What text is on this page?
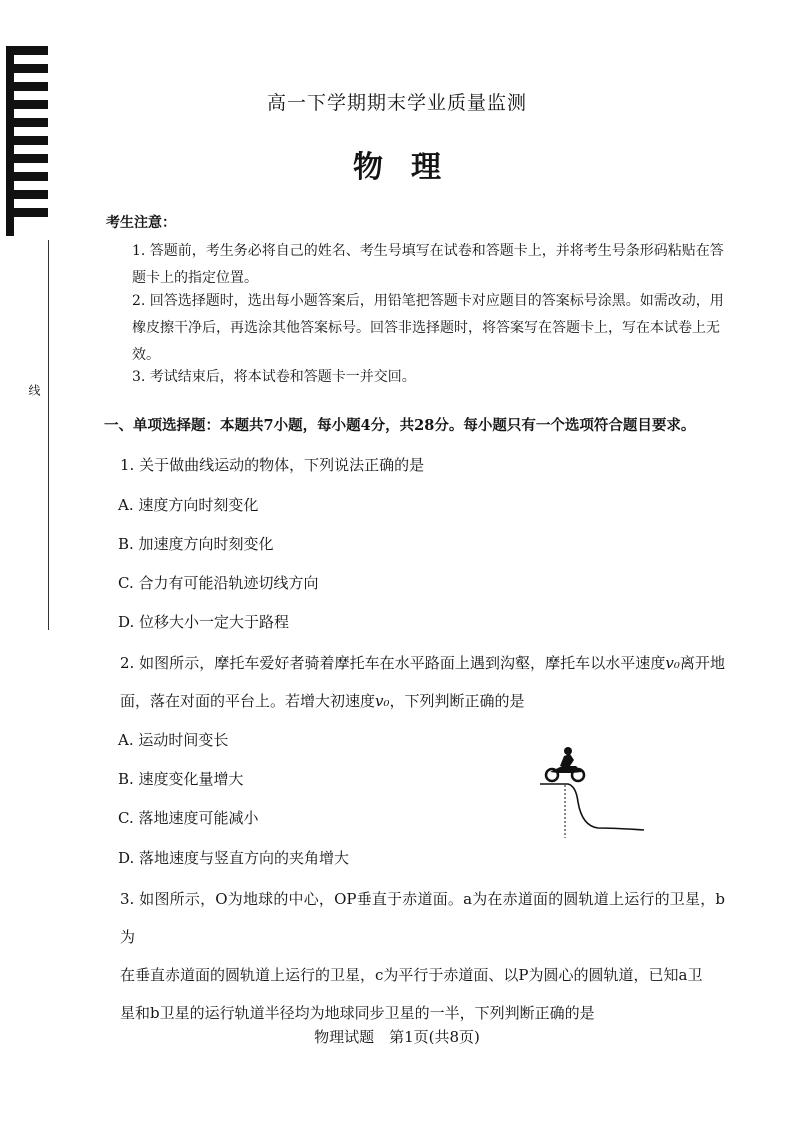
线
高一下学期期末学业质量监测
物理
考生注意：

1. 答题前，考生务必将自己的姓名、考生号填写在试卷和答题卡上，并将考生号条形码粘贴在答题卡上的指定位置。

2. 回答选择题时，选出每小题答案后，用铅笔把答题卡对应题目的答案标号涂黑。如需改动，用橡皮擦干净后，再选涂其他答案标号。回答非选择题时，将答案写在答题卡上，写在本试卷上无效。

3. 考试结束后，将本试卷和答题卡一并交回。

一、单项选择题：本题共7小题，每小题4分，共28分。每小题只有一个选项符合题目要求。
1. 关于做曲线运动的物体，下列说法正确的是
A. 速度方向时刻变化
B. 加速度方向时刻变化
C. 合力有可能沿轨迹切线方向
D. 位移大小一定大于路程
2. 如图所示，摩托车爱好者骑着摩托车在水平路面上遇到沟壑，摩托车以水平速度v₀离开地面，落在对面的平台上。若增大初速度v₀，下列判断正确的是
A. 运动时间变长
B. 速度变化量增大
C. 落地速度可能减小
D. 落地速度与竖直方向的夹角增大
3. 如图所示，O为地球的中心，OP垂直于赤道面。a为在赤道面的圆轨道上运行的卫星，b为
在垂直赤道面的圆轨道上运行的卫星，c为平行于赤道面、以P为圆心的圆轨道，已知a卫
星和b卫星的运行轨道半径均为地球同步卫星的一半，下列判断正确的是
物理试题　第1页(共8页)
